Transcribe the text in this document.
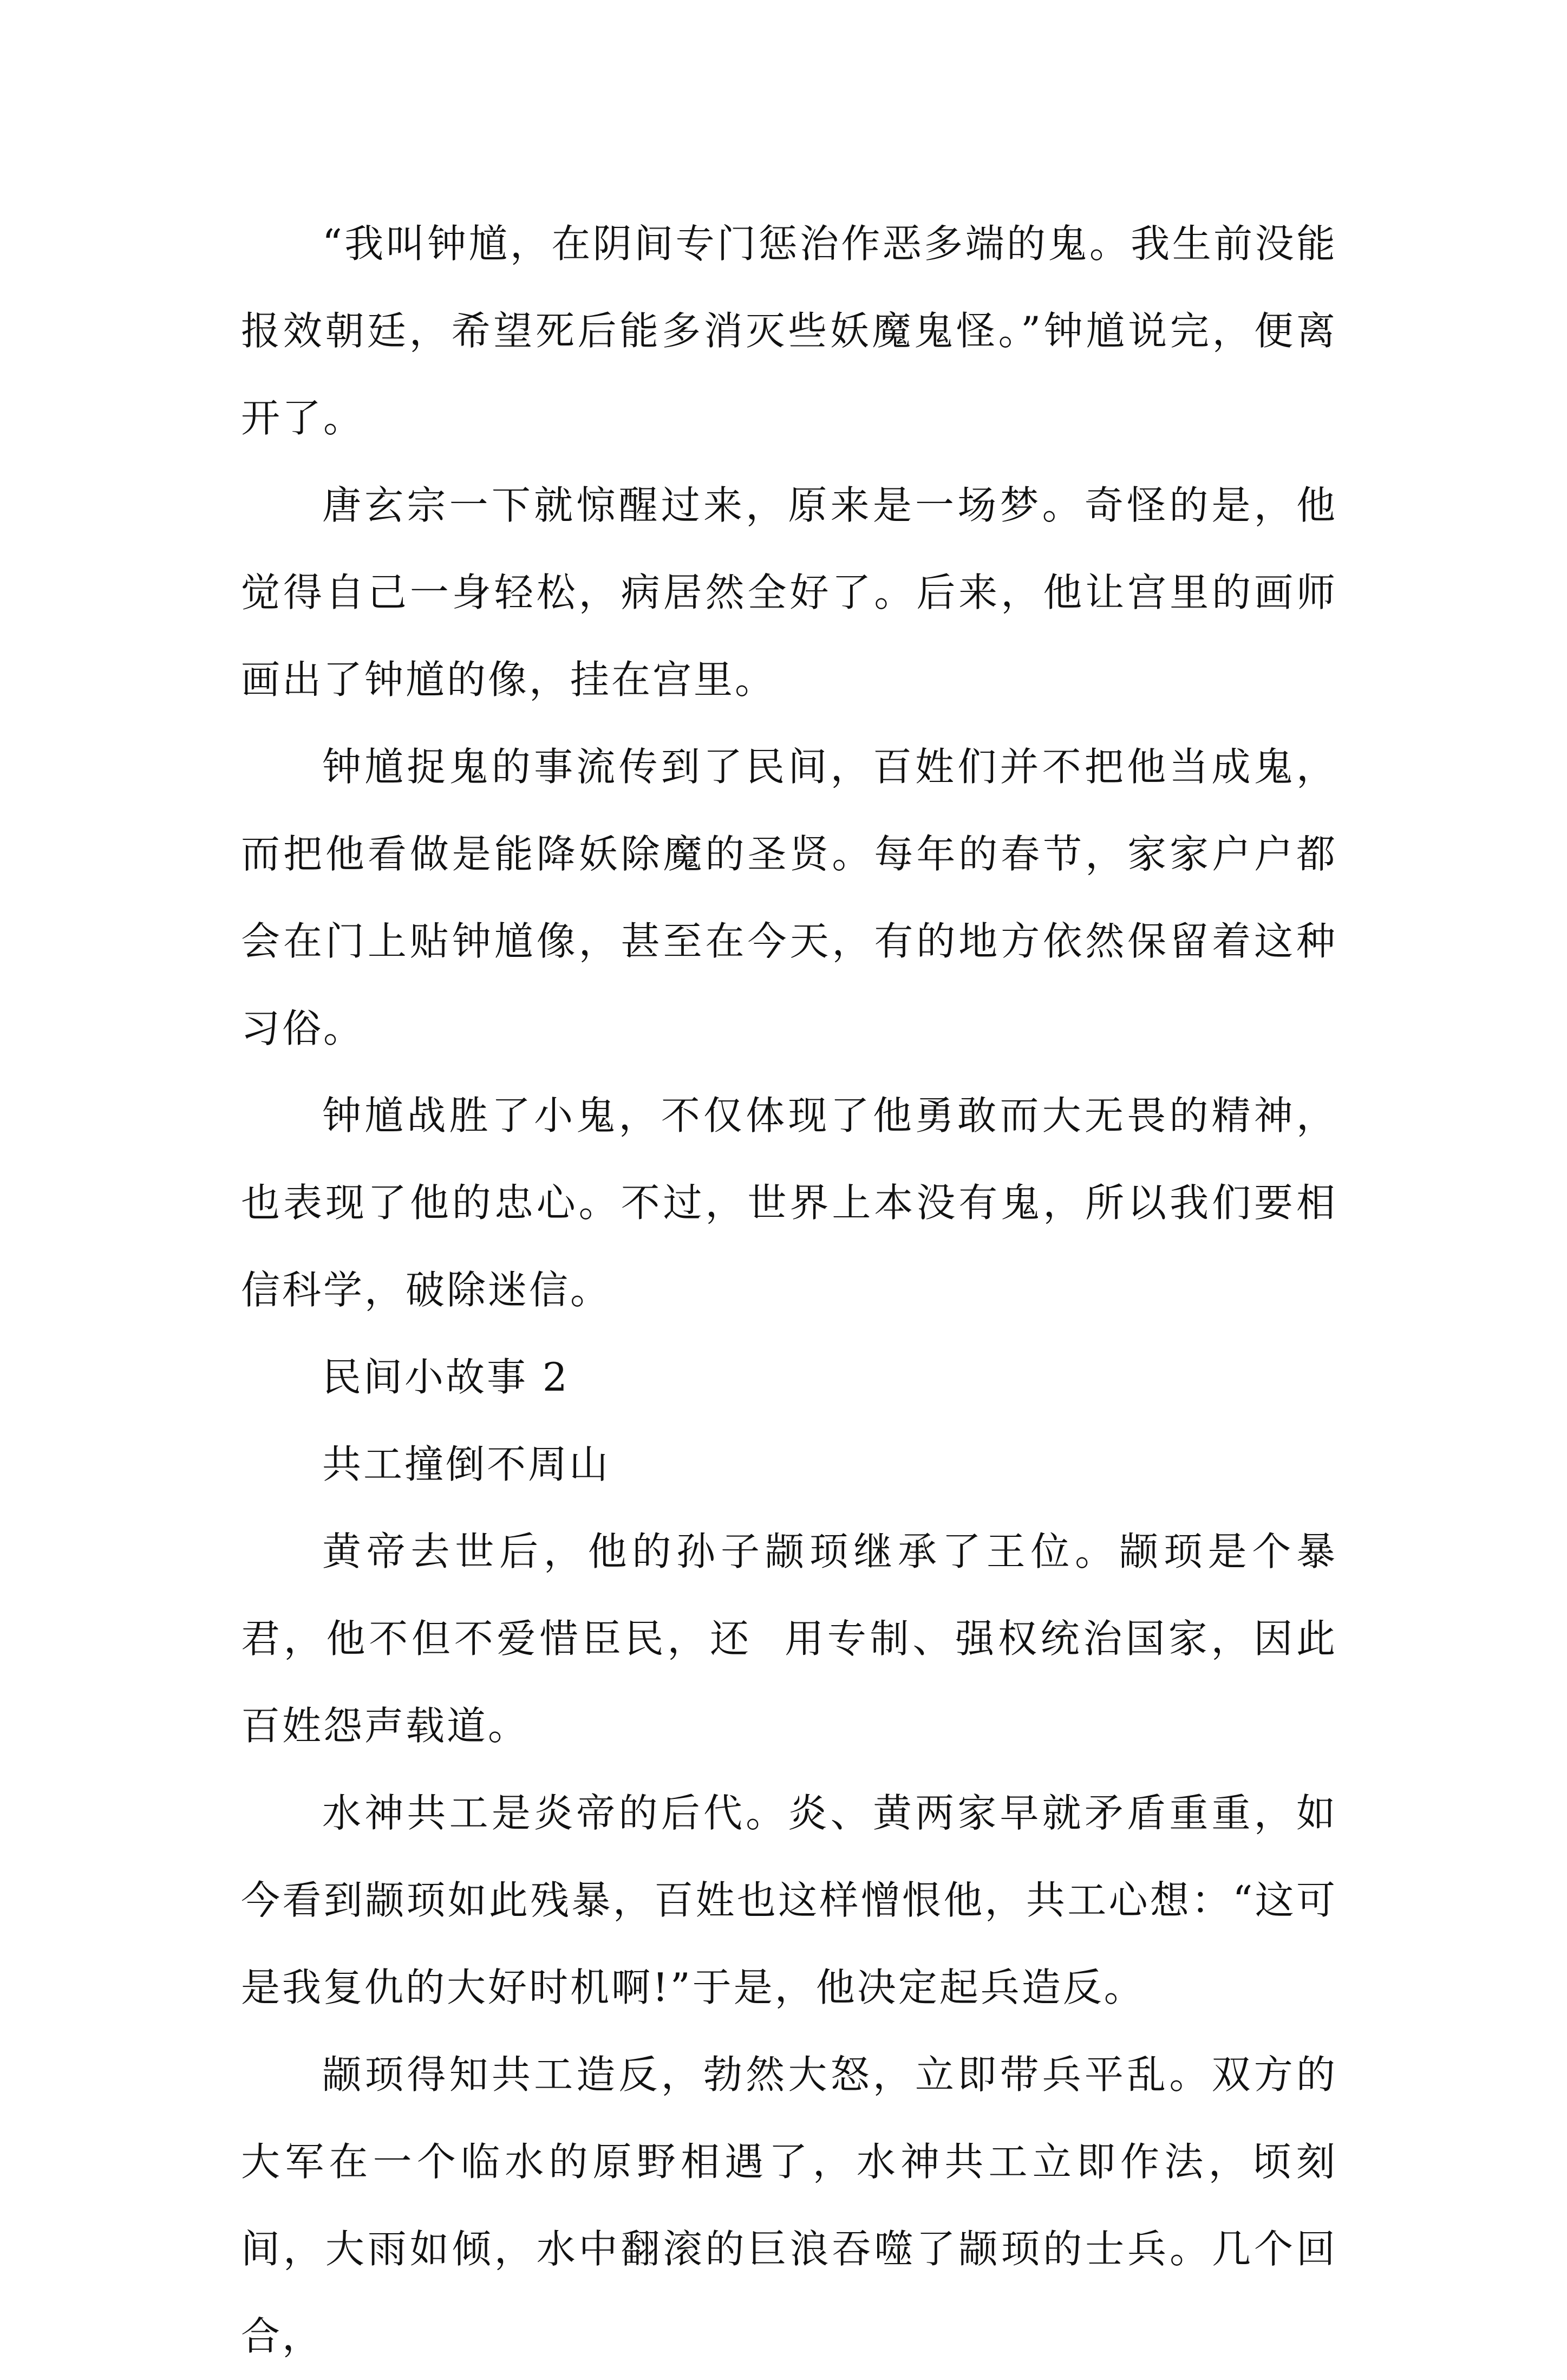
“我叫钟馗，在阴间专门惩治作恶多端的鬼。我生前没能报效朝廷，希望死后能多消灭些妖魔鬼怪。”钟馗说完，便离开了。

唐玄宗一下就惊醒过来，原来是一场梦。奇怪的是，他觉得自己一身轻松，病居然全好了。后来，他让宫里的画师画出了钟馗的像，挂在宫里。

钟馗捉鬼的事流传到了民间，百姓们并不把他当成鬼，而把他看做是能降妖除魔的圣贤。每年的春节，家家户户都会在门上贴钟馗像，甚至在今天，有的地方依然保留着这种习俗。

钟馗战胜了小鬼，不仅体现了他勇敢而大无畏的精神，也表现了他的忠心。不过，世界上本没有鬼，所以我们要相信科学，破除迷信。

民间小故事 2

共工撞倒不周山

黄帝去世后，他的孙子颛顼继承了王位。颛顼是个暴君，他不但不爱惜臣民，还  用专制、强权统治国家，因此百姓怨声载道。

水神共工是炎帝的后代。炎、黄两家早就矛盾重重，如今看到颛顼如此残暴，百姓也这样憎恨他，共工心想：“这可是我复仇的大好时机啊!”于是，他决定起兵造反。

颛顼得知共工造反，勃然大怒，立即带兵平乱。双方的大军在一个临水的原野相遇了，水神共工立即作法，顷刻间，大雨如倾，水中翻滚的巨浪吞噬了颛顼的士兵。几个回合，
